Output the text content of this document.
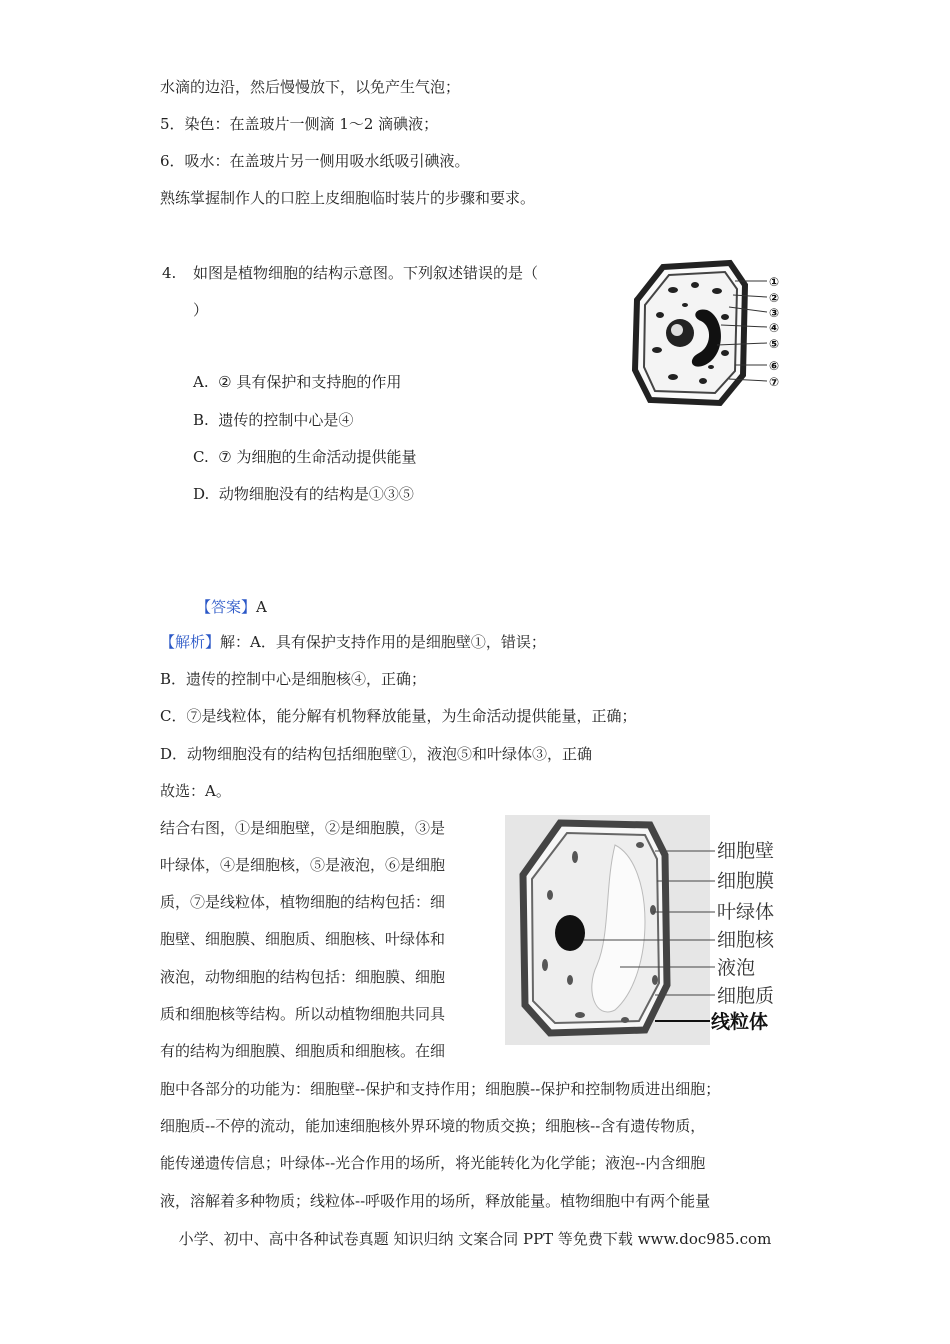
水滴的边沿，然后慢慢放下，以免产生气泡；
5．染色：在盖玻片一侧滴 1～2 滴碘液；
6．吸水：在盖玻片另一侧用吸水纸吸引碘液。
熟练掌握制作人的口腔上皮细胞临时装片的步骤和要求。
4. 如图是植物细胞的结构示意图。下列叙述错误的是（
）
A. ② 具有保护和支持胞的作用
B. 遗传的控制中心是④
C. ⑦ 为细胞的生命活动提供能量
D. 动物细胞没有的结构是①③⑤
①
②
③
④
⑤
⑥
⑦
【答案】A
【解析】解：A．具有保护支持作用的是细胞壁①，错误；
B．遗传的控制中心是细胞核④，正确；
C．⑦是线粒体，能分解有机物释放能量，为生命活动提供能量，正确；
D．动物细胞没有的结构包括细胞壁①，液泡⑤和叶绿体③，正确
故选：A。
结合右图，①是细胞壁，②是细胞膜，③是
叶绿体，④是细胞核，⑤是液泡，⑥是细胞
质，⑦是线粒体，植物细胞的结构包括：细
胞壁、细胞膜、细胞质、细胞核、叶绿体和
液泡，动物细胞的结构包括：细胞膜、细胞
质和细胞核等结构。所以动植物细胞共同具
有的结构为细胞膜、细胞质和细胞核。在细
胞中各部分的功能为：细胞壁--保护和支持作用；细胞膜--保护和控制物质进出细胞；
细胞质--不停的流动，能加速细胞核外界环境的物质交换；细胞核--含有遗传物质，
能传递遗传信息；叶绿体--光合作用的场所，将光能转化为化学能；液泡--内含细胞
液，溶解着多种物质；线粒体--呼吸作用的场所，释放能量。植物细胞中有两个能量
细胞壁
细胞膜
叶绿体
细胞核
液泡
细胞质
线粒体
小学、初中、高中各种试卷真题 知识归纳 文案合同 PPT 等免费下载 www.doc985.com
